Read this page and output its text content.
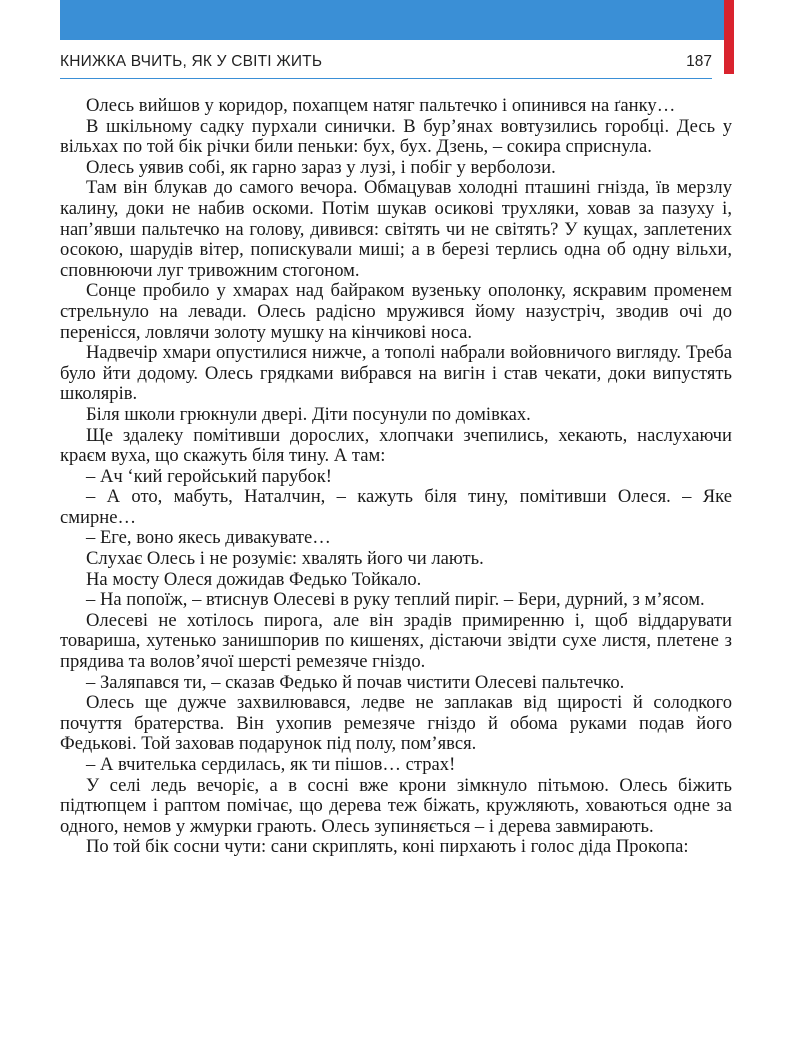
КНИЖКА ВЧИТЬ, ЯК У СВІТІ ЖИТЬ	187

Олесь вийшов у коридор, похапцем натяг пальтечко і опинився на ґанку…

В шкільному садку пурхали синички. В бур’янах вовтузились горобці. Десь у вільхах по той бік річки били пеньки: бух, бух. Дзень, – сокира сприснула.

Олесь уявив собі, як гарно зараз у лузі, і побіг у верболози.

Там він блукав до самого вечора. Обмацував холодні пташині гнізда, їв мерзлу калину, доки не набив оскоми. Потім шукав осикові трухляки, ховав за пазуху і, нап’явши пальтечко на голову, дивився: світять чи не світять? У кущах, заплетених осокою, шарудів вітер, попискували миші; а в березі терлись одна об одну вільхи, сповнюючи луг тривожним стогоном.

Сонце пробило у хмарах над байраком вузеньку ополонку, яскравим променем стрельнуло на левади. Олесь радісно мружився йому назустріч, зводив очі до перенісся, ловлячи золоту мушку на кінчикові носа.

Надвечір хмари опустилися нижче, а тополі набрали войовничого вигляду. Треба було йти додому. Олесь грядками вибрався на вигін і став чекати, доки випустять школярів.

Біля школи грюкнули двері. Діти посунули по домівках.

Ще здалеку помітивши дорослих, хлопчаки зчепились, хекають, наслухаючи краєм вуха, що скажуть біля тину. А там:

– Ач ‘кий геройський парубок!

– А ото, мабуть, Наталчин, – кажуть біля тину, помітивши Олеся. – Яке смирне…

– Еге, воно якесь дивакувате…

Слухає Олесь і не розуміє: хвалять його чи лають.

На мосту Олеся дожидав Федько Тойкало.

– На попоїж, – втиснув Олесеві в руку теплий пиріг. – Бери, дурний, з м’ясом.

Олесеві не хотілось пирога, але він зрадів примиренню і, щоб віддарувати товариша, хутенько занишпорив по кишенях, дістаючи звідти сухе листя, плетене з прядива та волов’ячої шерсті ремезяче гніздо.

– Заляпався ти, – сказав Федько й почав чистити Олесеві пальтечко.

Олесь ще дужче захвилювався, ледве не заплакав від щирості й солодкого почуття братерства. Він ухопив ремезяче гніздо й обома руками подав його Федькові. Той заховав подарунок під полу, пом’явся.

– А вчителька сердилась, як ти пішов… страх!

У селі ледь вечоріє, а в сосні вже крони зімкнуло пітьмою. Олесь біжить підтюпцем і раптом помічає, що дерева теж біжать, кружляють, ховаються одне за одного, немов у жмурки грають. Олесь зупиняється – і дерева завмирають.

По той бік сосни чути: сани скриплять, коні пирхають і голос діда Прокопа:
